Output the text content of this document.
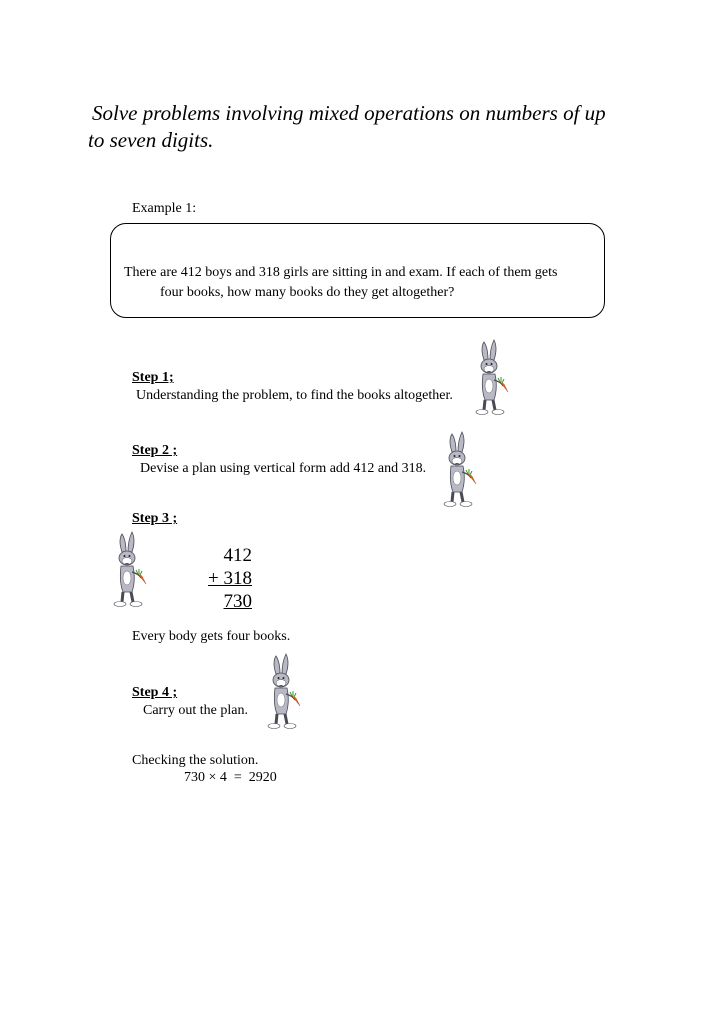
Solve problems involving mixed operations on numbers of up
to seven digits.
Example 1:
There are 412 boys and 318 girls are sitting in and exam. If each of them gets
four books, how many books do they get altogether?
Step 1;
Understanding the problem, to find the books altogether.
Step 2 ;
Devise a plan using vertical form add 412 and 318.
Step 3 ;
412
+ 318
730
Every body gets four books.
Step 4 ;
Carry out the plan.
Checking the solution.
730 × 4  =  2920
